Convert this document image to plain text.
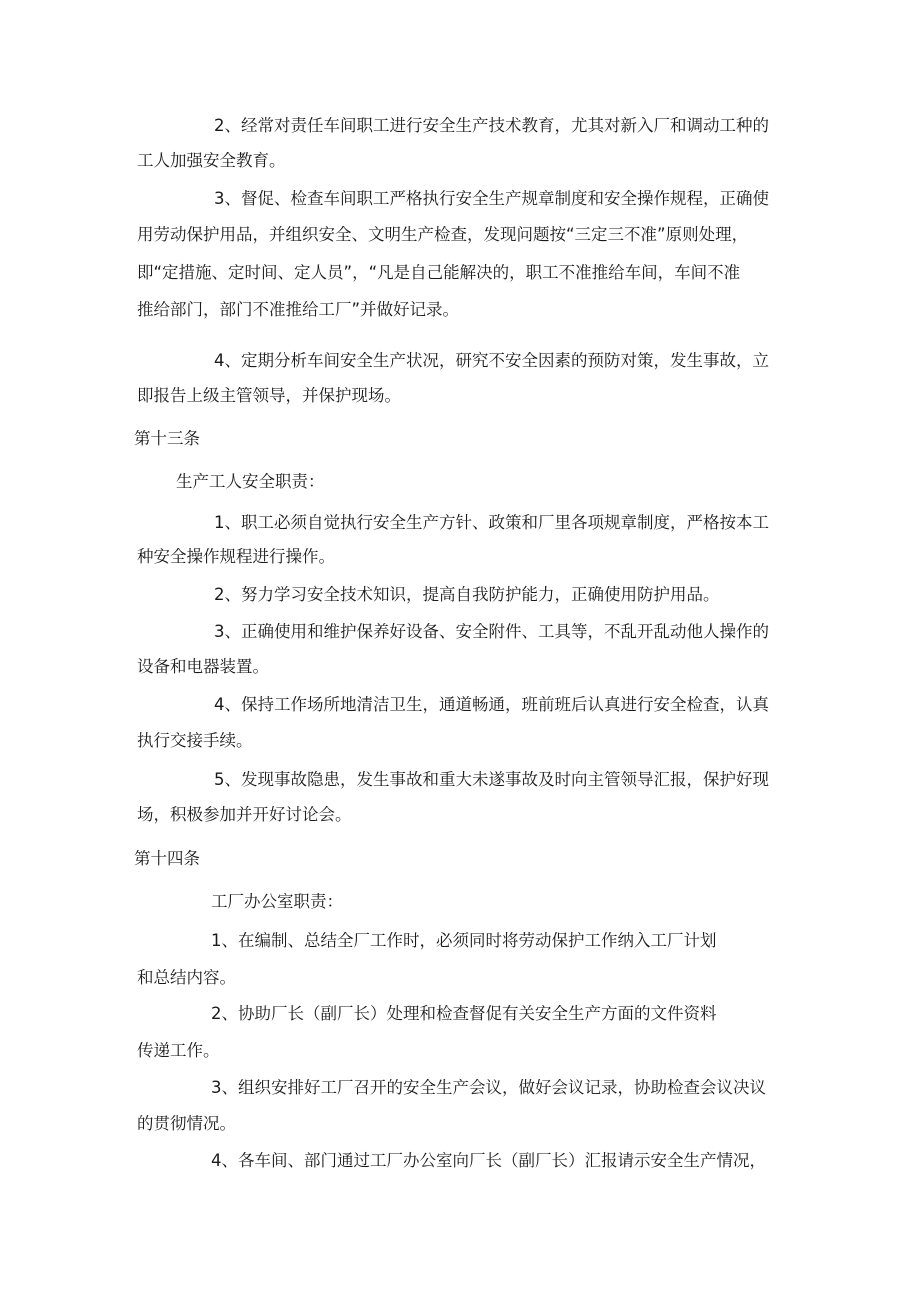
2、经常对责任车间职工进行安全生产技术教育，尤其对新入厂和调动工种的
工人加强安全教育。
3、督促、检查车间职工严格执行安全生产规章制度和安全操作规程，正确使
用劳动保护用品，并组织安全、文明生产检查，发现问题按“三定三不准”原则处理，
即“定措施、定时间、定人员”，“凡是自己能解决的，职工不准推给车间，车间不准
推给部门，部门不准推给工厂”并做好记录。
4、定期分析车间安全生产状况，研究不安全因素的预防对策，发生事故，立
即报告上级主管领导，并保护现场。
第十三条
生产工人安全职责：
1、职工必须自觉执行安全生产方针、政策和厂里各项规章制度，严格按本工
种安全操作规程进行操作。
2、努力学习安全技术知识，提高自我防护能力，正确使用防护用品。
3、正确使用和维护保养好设备、安全附件、工具等，不乱开乱动他人操作的
设备和电器装置。
4、保持工作场所地清洁卫生，通道畅通，班前班后认真进行安全检查，认真
执行交接手续。
5、发现事故隐患，发生事故和重大未遂事故及时向主管领导汇报，保护好现
场，积极参加并开好讨论会。
第十四条
工厂办公室职责：
1、在编制、总结全厂工作时，必须同时将劳动保护工作纳入工厂计划
和总结内容。
2、协助厂长（副厂长）处理和检查督促有关安全生产方面的文件资料
传递工作。
3、组织安排好工厂召开的安全生产会议，做好会议记录，协助检查会议决议
的贯彻情况。
4、各车间、部门通过工厂办公室向厂长（副厂长）汇报请示安全生产情况，
